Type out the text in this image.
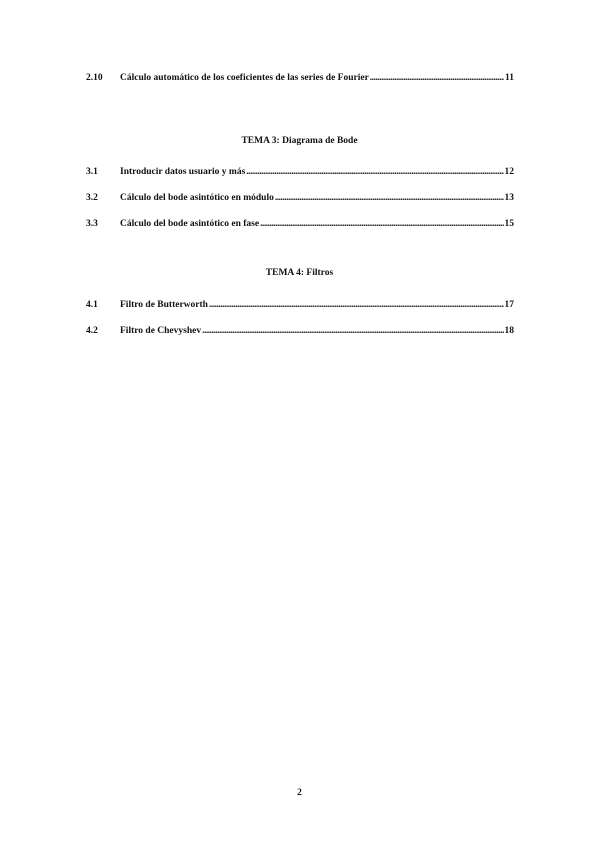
2.10	Cálculo automático de los coeficientes de las series de Fourier .....	11
TEMA 3: Diagrama de Bode
3.1	Introducir datos usuario y más .....	12
3.2	Cálculo del bode asintótico en módulo .....	13
3.3	Cálculo del bode asintótico en fase .....	15
TEMA 4: Filtros
4.1	Filtro de Butterworth .....	17
4.2	Filtro de Chevyshev .....	18
2
